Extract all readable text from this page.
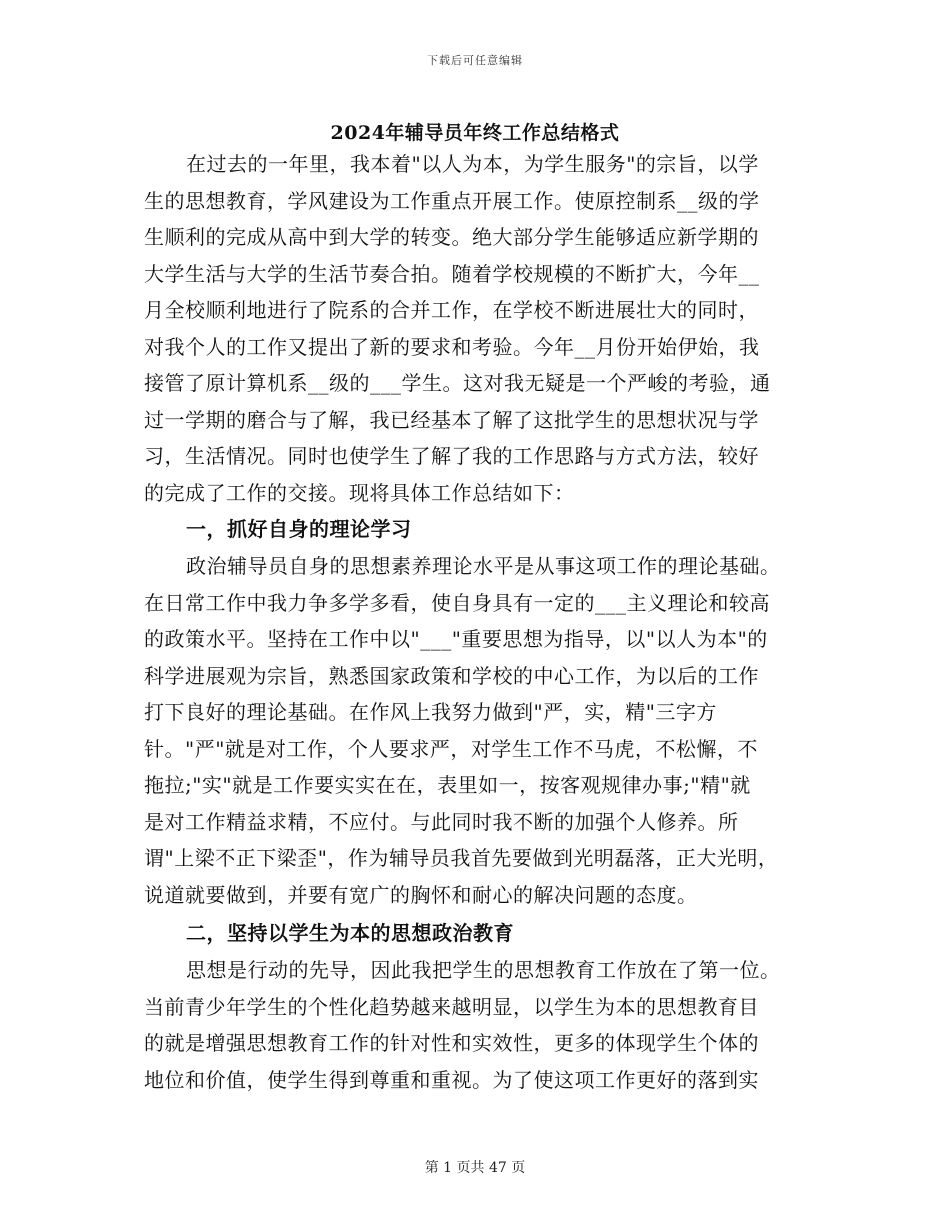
下载后可任意编辑
2024年辅导员年终工作总结格式
在过去的一年里，我本着"以人为本，为学生服务"的宗旨，以学
生的思想教育，学风建设为工作重点开展工作。使原控制系__级的学
生顺利的完成从高中到大学的转变。绝大部分学生能够适应新学期的
大学生活与大学的生活节奏合拍。随着学校规模的不断扩大，今年__
月全校顺利地进行了院系的合并工作，在学校不断进展壮大的同时，
对我个人的工作又提出了新的要求和考验。今年__月份开始伊始，我
接管了原计算机系__级的___学生。这对我无疑是一个严峻的考验，通
过一学期的磨合与了解，我已经基本了解了这批学生的思想状况与学
习，生活情况。同时也使学生了解了我的工作思路与方式方法，较好
的完成了工作的交接。现将具体工作总结如下：
一，抓好自身的理论学习
政治辅导员自身的思想素养理论水平是从事这项工作的理论基础。
在日常工作中我力争多学多看，使自身具有一定的___主义理论和较高
的政策水平。坚持在工作中以"___"重要思想为指导，以"以人为本"的
科学进展观为宗旨，熟悉国家政策和学校的中心工作，为以后的工作
打下良好的理论基础。在作风上我努力做到"严，实，精"三字方
针。"严"就是对工作，个人要求严，对学生工作不马虎，不松懈，不
拖拉;"实"就是工作要实实在在，表里如一，按客观规律办事;"精"就
是对工作精益求精，不应付。与此同时我不断的加强个人修养。所
谓"上梁不正下梁歪"，作为辅导员我首先要做到光明磊落，正大光明，
说道就要做到，并要有宽广的胸怀和耐心的解决问题的态度。
二，坚持以学生为本的思想政治教育
思想是行动的先导，因此我把学生的思想教育工作放在了第一位。
当前青少年学生的个性化趋势越来越明显，以学生为本的思想教育目
的就是增强思想教育工作的针对性和实效性，更多的体现学生个体的
地位和价值，使学生得到尊重和重视。为了使这项工作更好的落到实
第 1 页共 47 页
